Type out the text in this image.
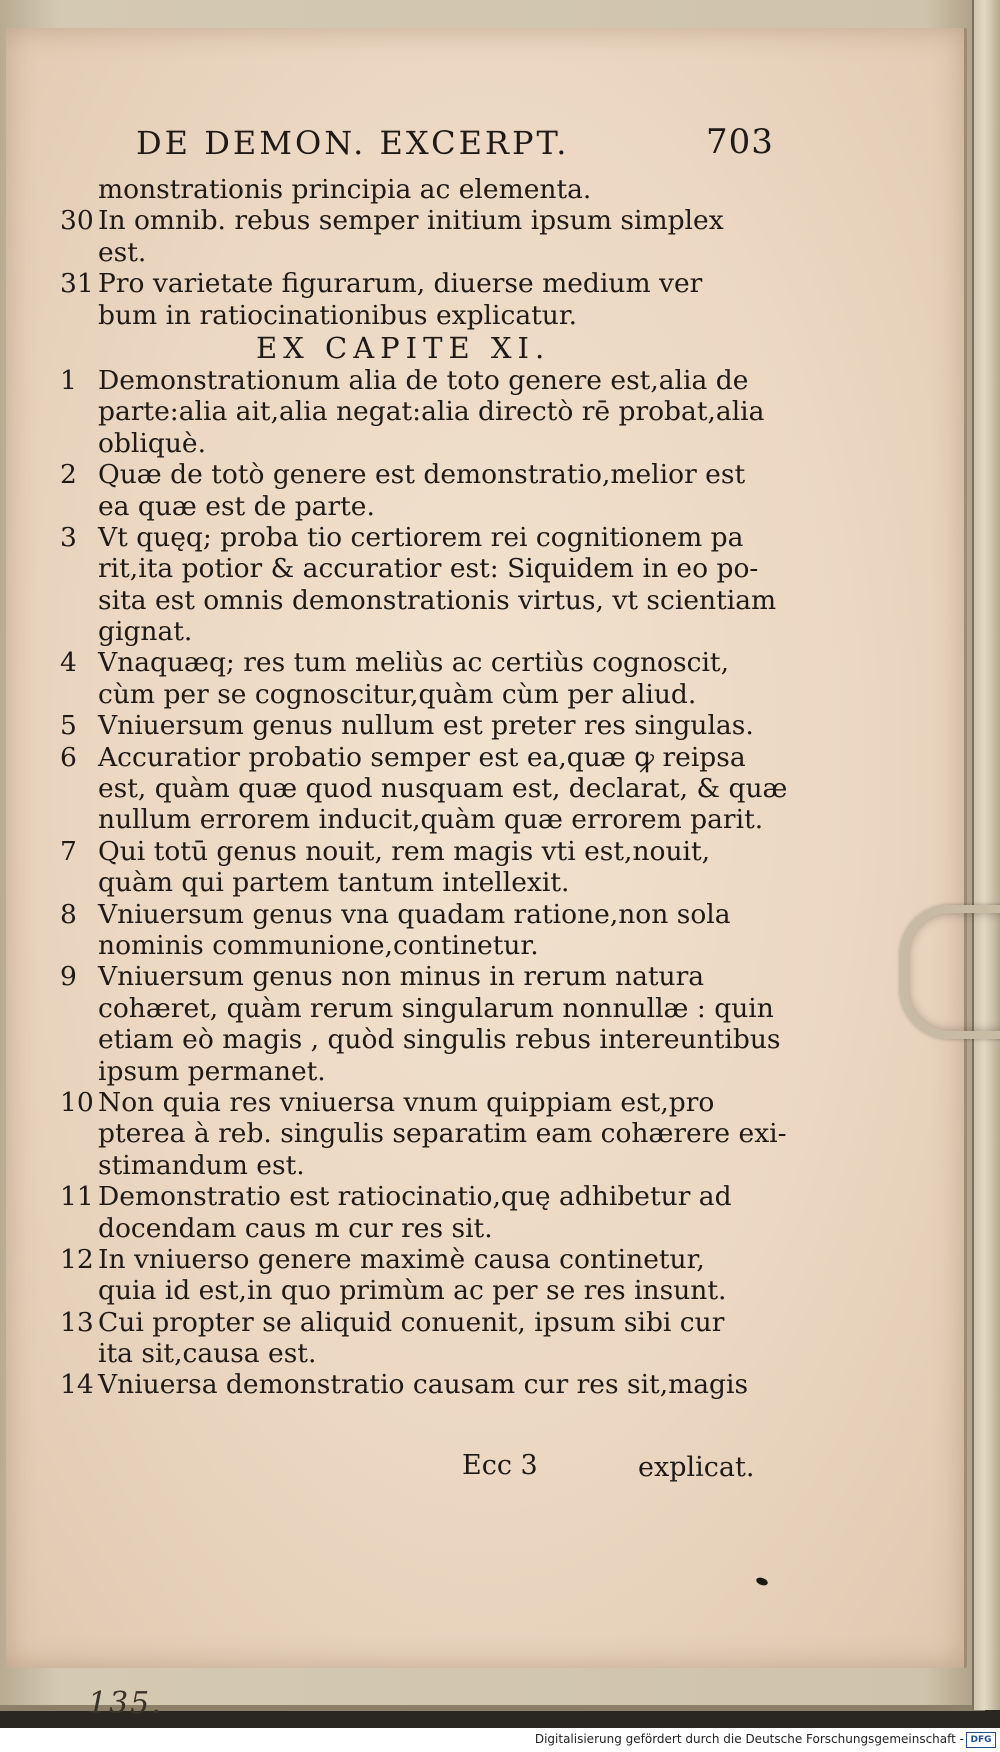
DE DEMON. EXCERPT.	703
monstrationis principia ac elementa.
30 In omnib. rebus semper initium ipsum simplex
est.
31 Pro varietate figurarum, diuerse medium ver
bum in ratiocinationibus explicatur.
EX CAPITE XI.
1 Demonstrationum alia de toto genere est,alia de
parte:alia ait,alia negat:alia directò rē probat,alia
obliquè.
2 Quæ de totò genere est demonstratio,melior est
ea quæ est de parte.
3 Vt quęq; proba tio certiorem rei cognitionem pa
rit,ita potior & accuratior est: Siquidem in eo po-
sita est omnis demonstrationis virtus, vt scientiam
gignat.
4 Vnaquæq; res tum meliùs ac certiùs cognoscit,
cùm per se cognoscitur,quàm cùm per aliud.
5 Vniuersum genus nullum est preter res singulas.
6 Accuratior probatio semper est ea,quæ ꝙ reipsa
est, quàm quæ quod nusquam est, declarat, & quæ
nullum errorem inducit,quàm quæ errorem parit.
7 Qui totū genus nouit, rem magis vti est,nouit,
quàm qui partem tantum intellexit.
8 Vniuersum genus vna quadam ratione,non sola
nominis communione,continetur.
9 Vniuersum genus non minus in rerum natura
cohæret, quàm rerum singularum nonnullæ : quin
etiam eò magis , quòd singulis rebus intereuntibus
ipsum permanet.
10 Non quia res vniuersa vnum quippiam est,pro
pterea à reb. singulis separatim eam cohærere exi-
stimandum est.
11 Demonstratio est ratiocinatio,quę adhibetur ad
docendam caus m cur res sit.
12 In vniuersо genere maximè causa continetur,
quia id est,in quo primùm ac per se res insunt.
13 Cui propter se aliquid conuenit, ipsum sibi cur
ita sit,causa est.
14 Vniuersa demonstratio causam cur res sit,magis
Ecc 3	explicat.
135.
Digitalisierung gefördert durch die Deutsche Forschungsgemeinschaft - DFG
